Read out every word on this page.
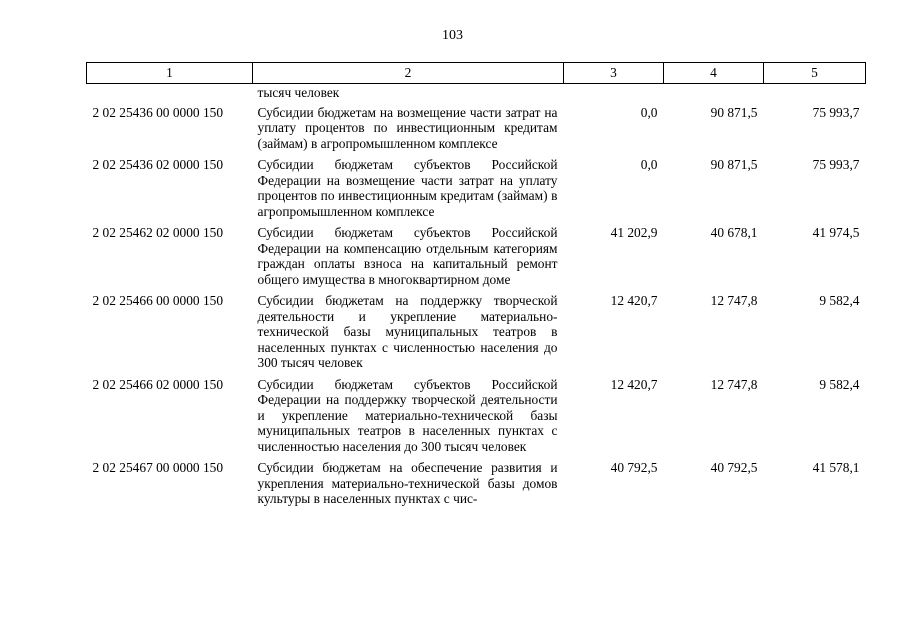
103
1	2	3	4	5
	тысяч человек			
2 02 25436 00 0000 150	Субсидии бюджетам на возмещение части затрат на уплату процентов по инвестиционным кредитам (займам) в агропромышленном комплексе	0,0	90 871,5	75 993,7
2 02 25436 02 0000 150	Субсидии бюджетам субъектов Российской Федерации на возмещение части затрат на уплату процентов по инвестиционным кредитам (займам) в агропромышленном комплексе	0,0	90 871,5	75 993,7
2 02 25462 02 0000 150	Субсидии бюджетам субъектов Российской Федерации на компенсацию отдельным категориям граждан оплаты взноса на капитальный ремонт общего имущества в многоквартирном доме	41 202,9	40 678,1	41 974,5
2 02 25466 00 0000 150	Субсидии бюджетам на поддержку творческой деятельности и укрепление материально-технической базы муниципальных театров в населенных пунктах с численностью населения до 300 тысяч человек	12 420,7	12 747,8	9 582,4
2 02 25466 02 0000 150	Субсидии бюджетам субъектов Российской Федерации на поддержку творческой деятельности и укрепление материально-технической базы муниципальных театров в населенных пунктах с численностью населения до 300 тысяч человек	12 420,7	12 747,8	9 582,4
2 02 25467 00 0000 150	Субсидии бюджетам на обеспечение развития и укрепления материально-технической базы домов культуры в населенных пунктах с чис-	40 792,5	40 792,5	41 578,1
